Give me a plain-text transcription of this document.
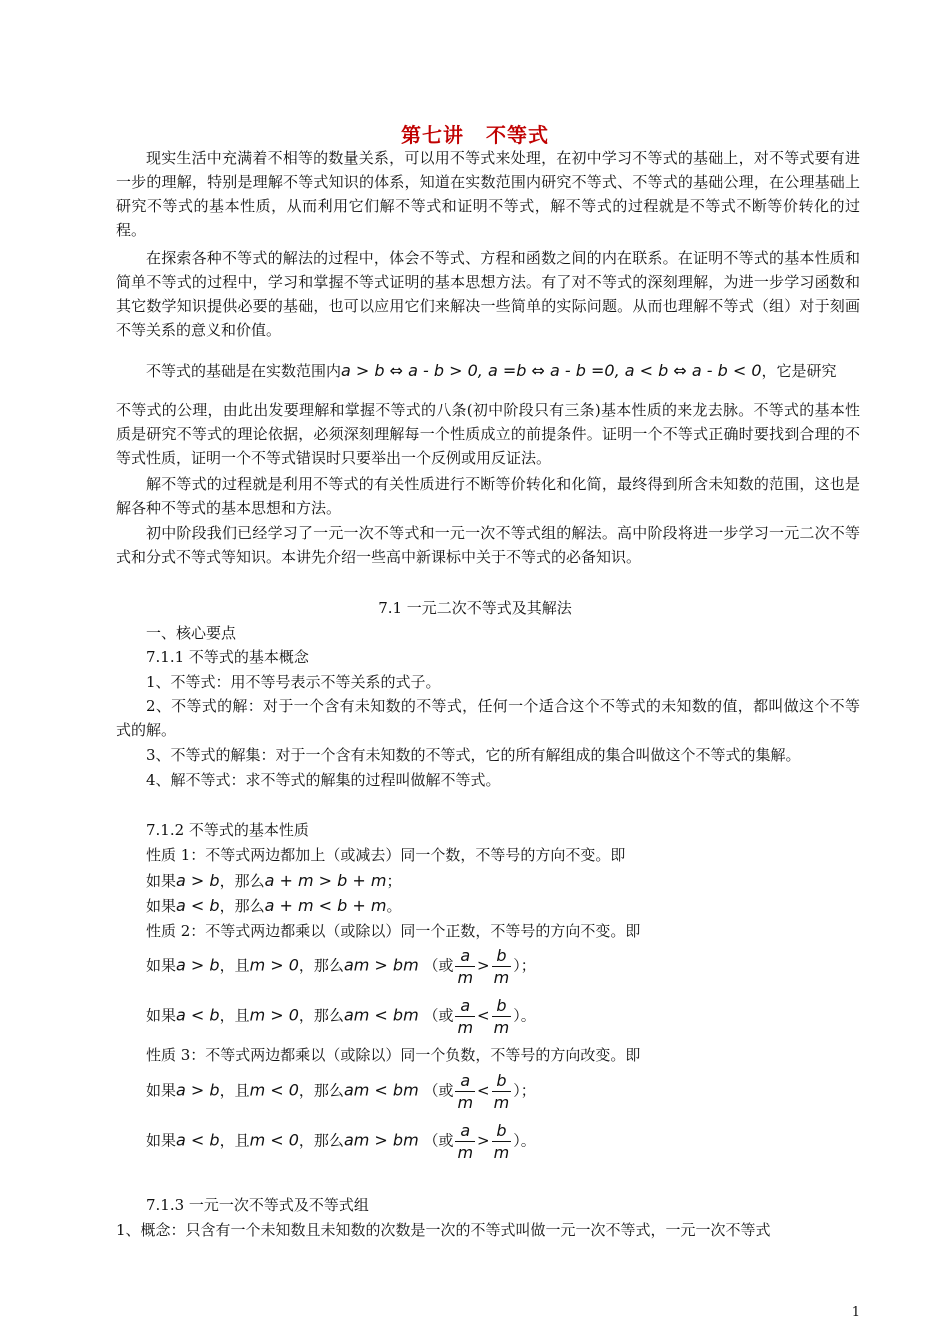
第七讲 不等式

现实生活中充满着不相等的数量关系，可以用不等式来处理，在初中学习不等式的基础上，对不等式要有进一步的理解，特别是理解不等式知识的体系，知道在实数范围内研究不等式、不等式的基础公理，在公理基础上研究不等式的基本性质，从而利用它们解不等式和证明不等式，解不等式的过程就是不等式不断等价转化的过程。

在探索各种不等式的解法的过程中，体会不等式、方程和函数之间的内在联系。在证明不等式的基本性质和简单不等式的过程中，学习和掌握不等式证明的基本思想方法。有了对不等式的深刻理解，为进一步学习函数和其它数学知识提供必要的基础，也可以应用它们来解决一些简单的实际问题。从而也理解不等式（组）对于刻画不等关系的意义和价值。

不等式的基础是在实数范围内a > b ⇔ a - b > 0, a =b ⇔ a - b =0, a < b ⇔ a - b < 0，它是研究

不等式的公理，由此出发要理解和掌握不等式的八条(初中阶段只有三条)基本性质的来龙去脉。不等式的基本性质是研究不等式的理论依据，必须深刻理解每一个性质成立的前提条件。证明一个不等式正确时要找到合理的不等式性质，证明一个不等式错误时只要举出一个反例或用反证法。

解不等式的过程就是利用不等式的有关性质进行不断等价转化和化简，最终得到所含未知数的范围，这也是解各种不等式的基本思想和方法。

初中阶段我们已经学习了一元一次不等式和一元一次不等式组的解法。高中阶段将进一步学习一元二次不等式和分式不等式等知识。本讲先介绍一些高中新课标中关于不等式的必备知识。

7.1 一元二次不等式及其解法
一、核心要点
7.1.1 不等式的基本概念
1、不等式：用不等号表示不等关系的式子。

2、不等式的解：对于一个含有未知数的不等式，任何一个适合这个不等式的未知数的值，都叫做这个不等式的解。

3、不等式的解集：对于一个含有未知数的不等式，它的所有解组成的集合叫做这个不等式的集解。
4、解不等式：求不等式的解集的过程叫做解不等式。
7.1.2 不等式的基本性质
性质 1：不等式两边都加上（或减去）同一个数，不等号的方向不变。即
如果a > b，那么a + m > b + m；
如果a < b，那么a + m < b + m。
性质 2：不等式两边都乘以（或除以）同一个正数，不等号的方向不变。即
如果a > b，且m > 0，那么am > bm （或 $\frac{a}{m} > \frac{b}{m}$ ）；
如果a < b，且m > 0，那么am < bm （或 $\frac{a}{m} < \frac{b}{m}$ ）。
性质 3：不等式两边都乘以（或除以）同一个负数，不等号的方向改变。即
如果a > b，且m < 0，那么am < bm （或 $\frac{a}{m} < \frac{b}{m}$ ）；
如果a < b，且m < 0，那么am > bm （或 $\frac{a}{m} > \frac{b}{m}$ ）。
7.1.3 一元一次不等式及不等式组
1、概念：只含有一个未知数且未知数的次数是一次的不等式叫做一元一次不等式，一元一次不等式
1
